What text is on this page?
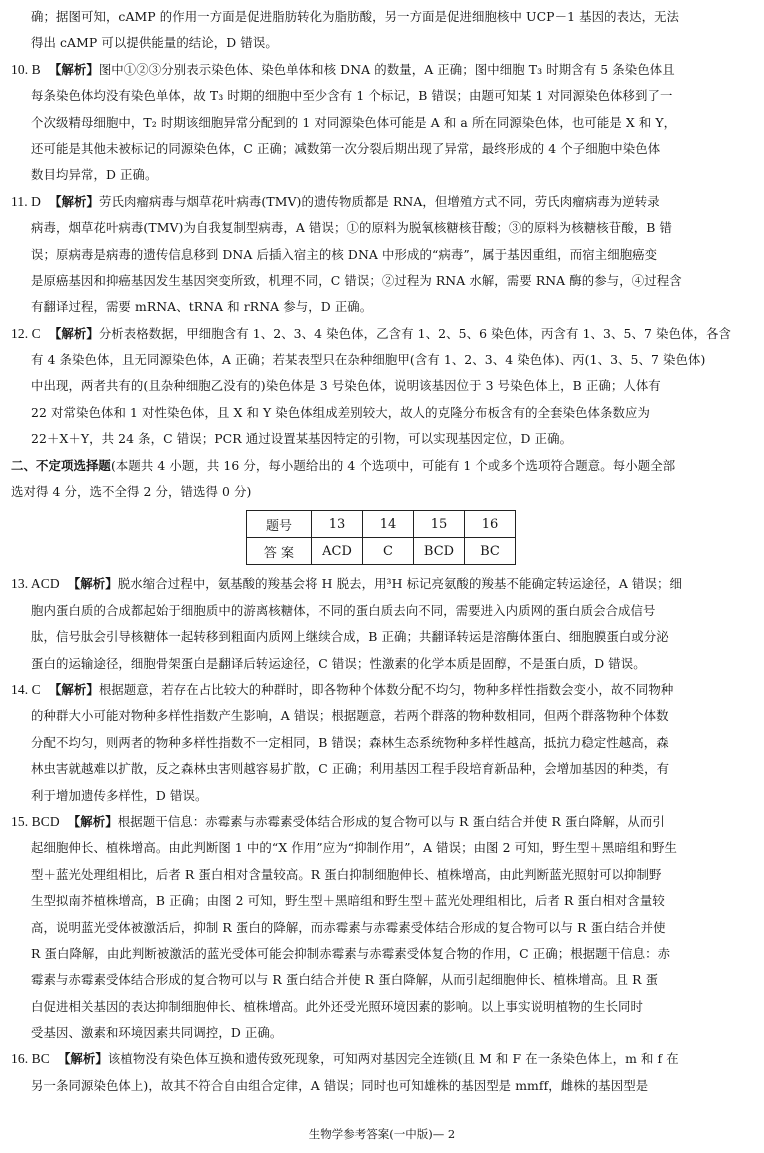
确；据图可知，cAMP 的作用一方面是促进脂肪转化为脂肪酸，另一方面是促进细胞核中 UCP－1 基因的表达，无法
得出 cAMP 可以提供能量的结论，D 错误。
10. B 【解析】图中①②③分别表示染色体、染色单体和核 DNA 的数量，A 正确；图中细胞 T₃ 时期含有 5 条染色体且
每条染色体均没有染色单体，故 T₃ 时期的细胞中至少含有 1 个标记，B 错误；由题可知某 1 对同源染色体移到了一
个次级精母细胞中，T₂ 时期该细胞异常分配到的 1 对同源染色体可能是 A 和 a 所在同源染色体，也可能是 X 和 Y，
还可能是其他未被标记的同源染色体，C 正确；减数第一次分裂后期出现了异常，最终形成的 4 个子细胞中染色体
数目均异常，D 正确。
11. D 【解析】劳氏肉瘤病毒与烟草花叶病毒(TMV)的遗传物质都是 RNA，但增殖方式不同，劳氏肉瘤病毒为逆转录
病毒，烟草花叶病毒(TMV)为自我复制型病毒，A 错误；①的原料为脱氧核糖核苷酸；③的原料为核糖核苷酸，B 错
误；原病毒是病毒的遗传信息移到 DNA 后插入宿主的核 DNA 中形成的“病毒”，属于基因重组，而宿主细胞癌变
是原癌基因和抑癌基因发生基因突变所致，机理不同，C 错误；②过程为 RNA 水解，需要 RNA 酶的参与，④过程含
有翻译过程，需要 mRNA、tRNA 和 rRNA 参与，D 正确。
12. C 【解析】分析表格数据，甲细胞含有 1、2、3、4 染色体，乙含有 1、2、5、6 染色体，丙含有 1、3、5、7 染色体，各含
有 4 条染色体，且无同源染色体，A 正确；若某表型只在杂种细胞甲(含有 1、2、3、4 染色体)、丙(1、3、5、7 染色体)
中出现，两者共有的(且杂种细胞乙没有的)染色体是 3 号染色体，说明该基因位于 3 号染色体上，B 正确；人体有
22 对常染色体和 1 对性染色体，且 X 和 Y 染色体组成差别较大，故人的克隆分布板含有的全套染色体条数应为
22＋X＋Y，共 24 条，C 错误；PCR 通过设置某基因特定的引物，可以实现基因定位，D 正确。
二、不定项选择题(本题共 4 小题，共 16 分，每小题给出的 4 个选项中，可能有 1 个或多个选项符合题意。每小题全部
选对得 4 分，选不全得 2 分，错选得 0 分)
题号	13	14	15	16
答 案	ACD	C	BCD	BC
13. ACD 【解析】脱水缩合过程中，氨基酸的羧基会将 H 脱去，用³H 标记亮氨酸的羧基不能确定转运途径，A 错误；细
胞内蛋白质的合成都起始于细胞质中的游离核糖体，不同的蛋白质去向不同，需要进入内质网的蛋白质会合成信号
肽，信号肽会引导核糖体一起转移到粗面内质网上继续合成，B 正确；共翻译转运是溶酶体蛋白、细胞膜蛋白或分泌
蛋白的运输途径，细胞骨架蛋白是翻译后转运途径，C 错误；性激素的化学本质是固醇，不是蛋白质，D 错误。
14. C 【解析】根据题意，若存在占比较大的种群时，即各物种个体数分配不均匀，物种多样性指数会变小，故不同物种
的种群大小可能对物种多样性指数产生影响，A 错误；根据题意，若两个群落的物种数相同，但两个群落物种个体数
分配不均匀，则两者的物种多样性指数不一定相同，B 错误；森林生态系统物种多样性越高，抵抗力稳定性越高，森
林虫害就越难以扩散，反之森林虫害则越容易扩散，C 正确；利用基因工程手段培育新品种，会增加基因的种类，有
利于增加遗传多样性，D 错误。
15. BCD 【解析】根据题干信息：赤霉素与赤霉素受体结合形成的复合物可以与 R 蛋白结合并使 R 蛋白降解，从而引
起细胞伸长、植株增高。由此判断图 1 中的“X 作用”应为“抑制作用”，A 错误；由图 2 可知，野生型＋黑暗组和野生
型＋蓝光处理组相比，后者 R 蛋白相对含量较高。R 蛋白抑制细胞伸长、植株增高，由此判断蓝光照射可以抑制野
生型拟南芥植株增高，B 正确；由图 2 可知，野生型＋黑暗组和野生型＋蓝光处理组相比，后者 R 蛋白相对含量较
高，说明蓝光受体被激活后，抑制 R 蛋白的降解，而赤霉素与赤霉素受体结合形成的复合物可以与 R 蛋白结合并使
R 蛋白降解，由此判断被激活的蓝光受体可能会抑制赤霉素与赤霉素受体复合物的作用，C 正确；根据题干信息：赤
霉素与赤霉素受体结合形成的复合物可以与 R 蛋白结合并使 R 蛋白降解，从而引起细胞伸长、植株增高。且 R 蛋
白促进相关基因的表达抑制细胞伸长、植株增高。此外还受光照环境因素的影响。以上事实说明植物的生长同时
受基因、激素和环境因素共同调控，D 正确。
16. BC 【解析】该植物没有染色体互换和遗传致死现象，可知两对基因完全连锁(且 M 和 F 在一条染色体上，m 和 f 在
另一条同源染色体上)，故其不符合自由组合定律，A 错误；同时也可知雄株的基因型是 mmff，雌株的基因型是
生物学参考答案(一中版)— 2
